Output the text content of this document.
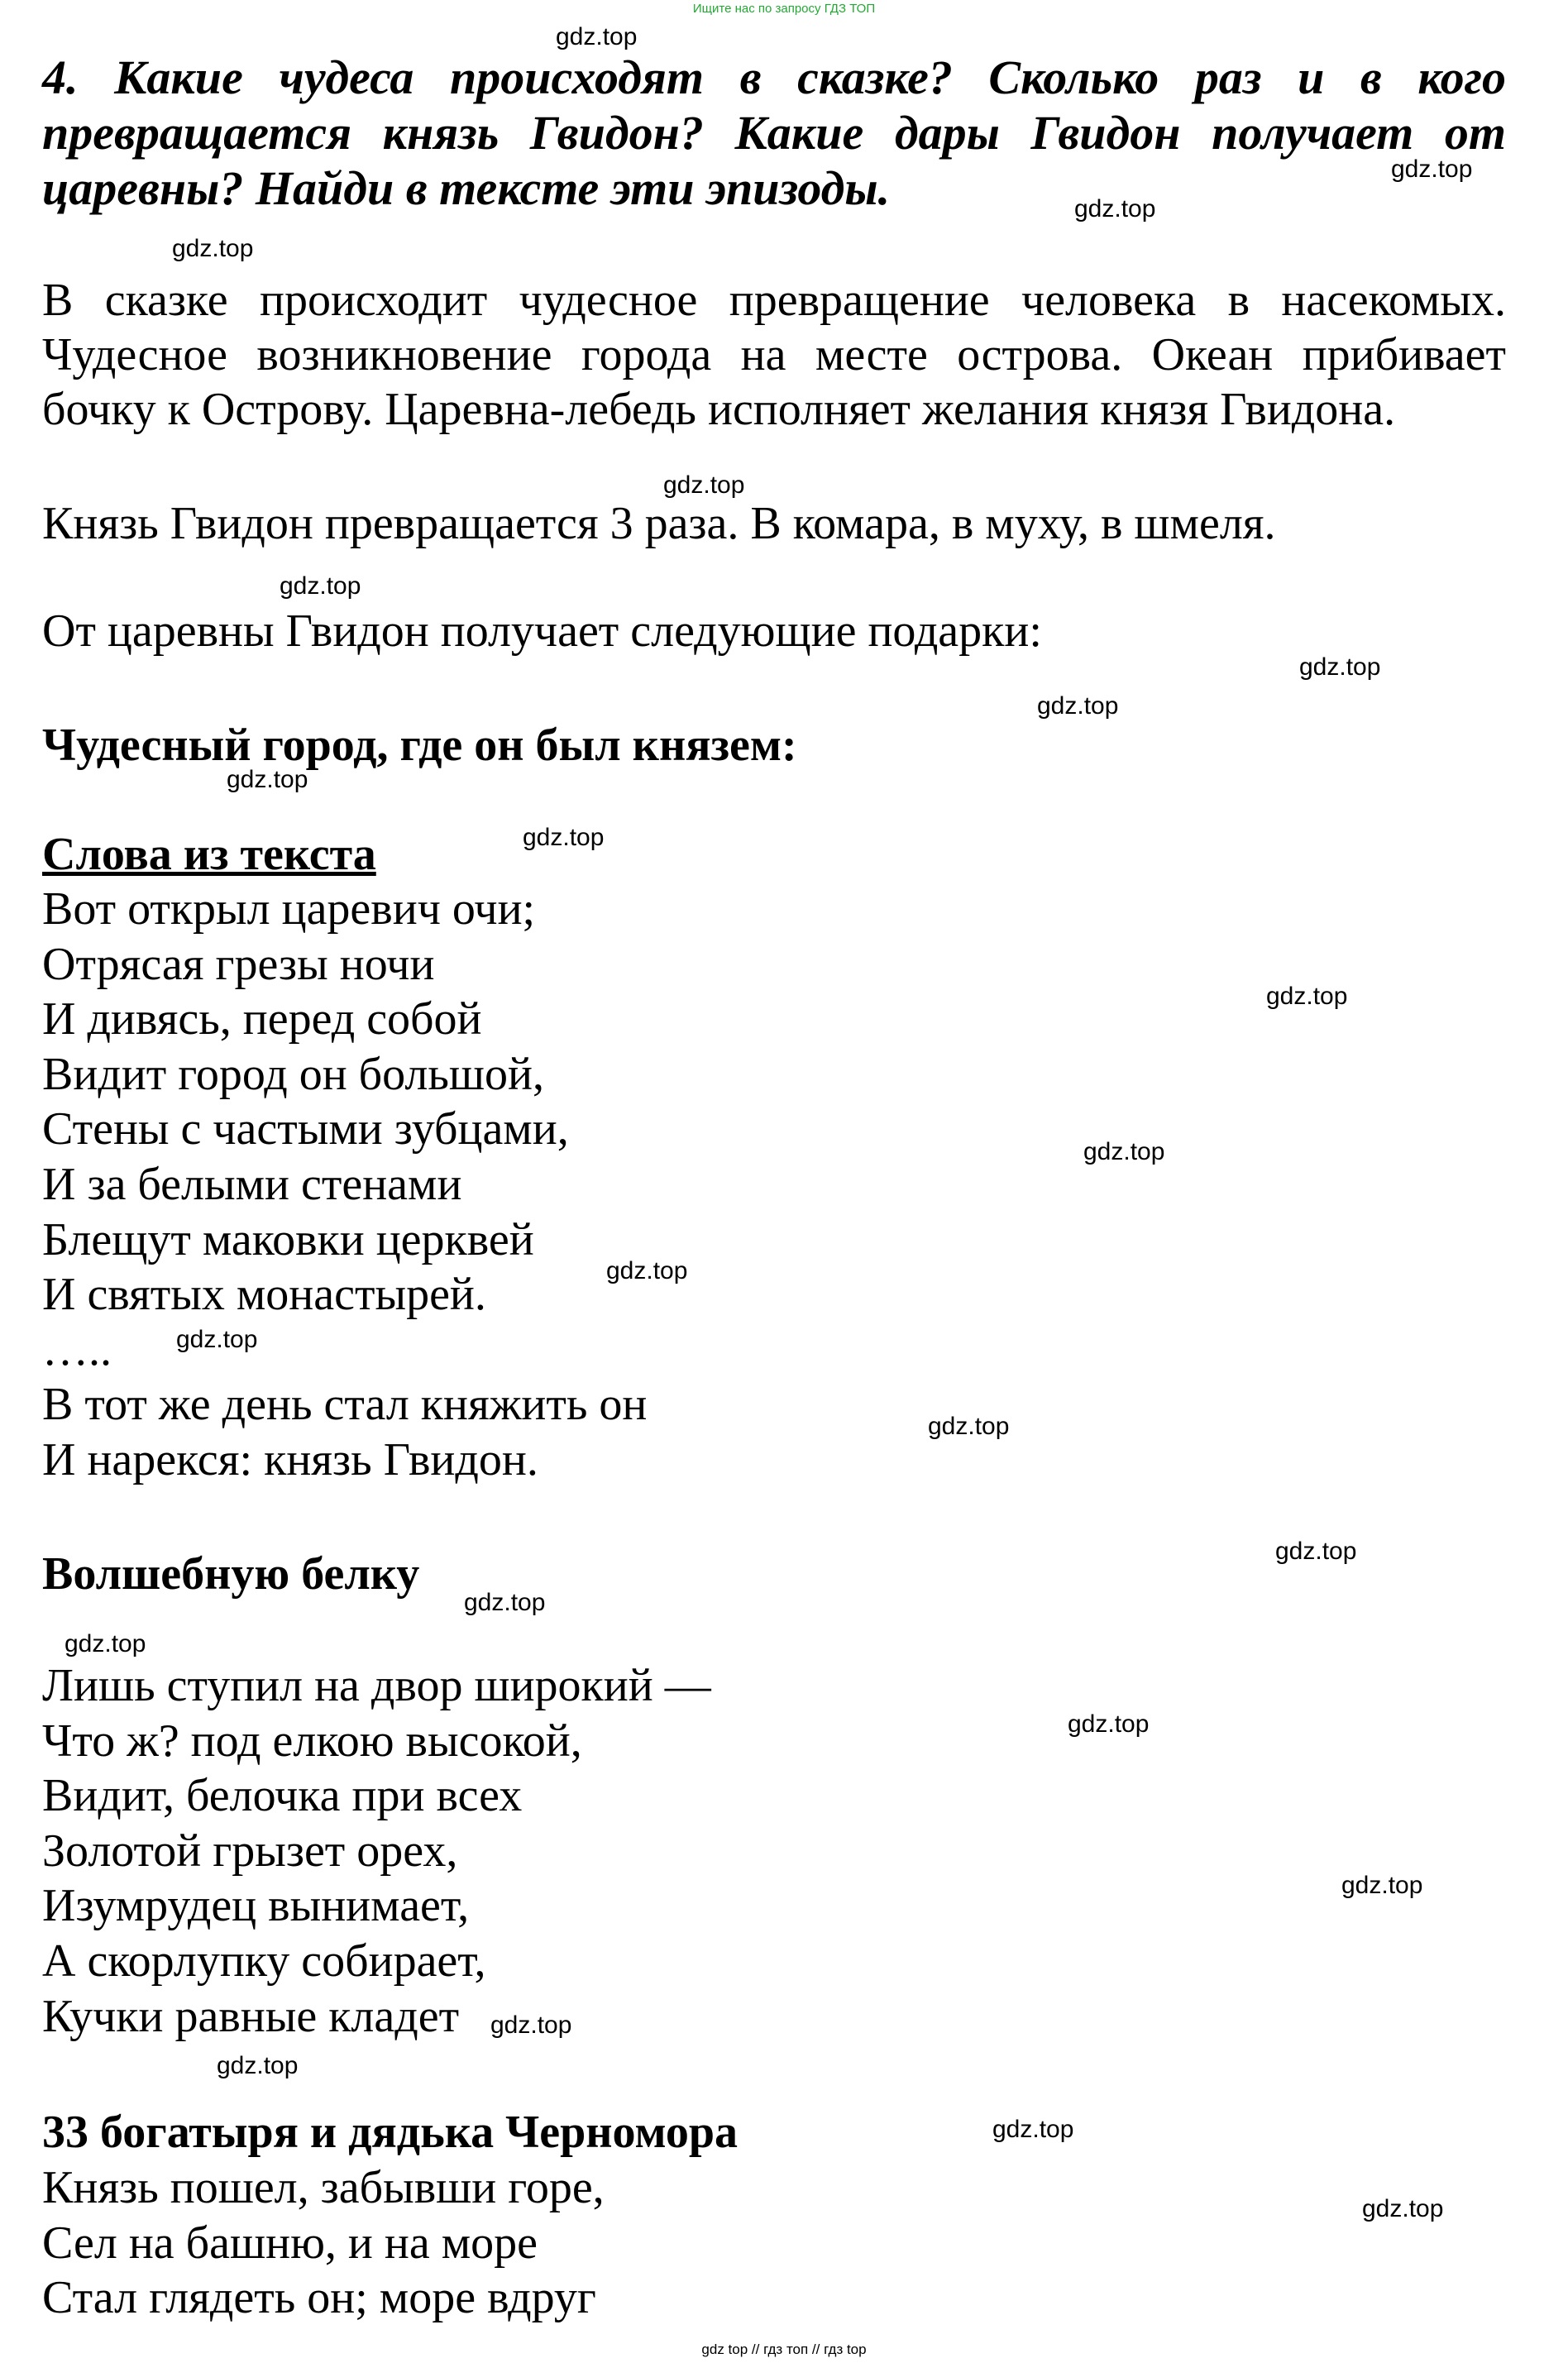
Ищите нас по запросу ГДЗ ТОП
4. Какие чудеса происходят в сказке? Сколько раз и в кого превращается князь Гвидон? Какие дары Гвидон получает от царевны? Найди в тексте эти эпизоды.
В сказке происходит чудесное превращение человека в насекомых. Чудесное возникновение города на месте острова. Океан прибивает бочку к Острову. Царевна-лебедь исполняет желания князя Гвидона.
Князь Гвидон превращается 3 раза. В комара, в муху, в шмеля.
От царевны Гвидон получает следующие подарки:
Чудесный город, где он был князем:
Слова из текста
Вот открыл царевич очи;
Отрясая грезы ночи
И дивясь, перед собой
Видит город он большой,
Стены с частыми зубцами,
И за белыми стенами
Блещут маковки церквей
И святых монастырей.
…..
В тот же день стал княжить он
И нарекся: князь Гвидон.
Волшебную белку
Лишь ступил на двор широкий —
Что ж? под елкою высокой,
Видит, белочка при всех
Золотой грызет орех,
Изумрудец вынимает,
А скорлупку собирает,
Кучки равные кладет
33 богатыря и дядька Черномора
Князь пошел, забывши горе,
Сел на башню, и на море
Стал глядеть он; море вдруг
gdz.top
gdz.top
gdz.top
gdz.top
gdz.top
gdz.top
gdz.top
gdz.top
gdz.top
gdz.top
gdz.top
gdz.top
gdz.top
gdz.top
gdz.top
gdz.top
gdz.top
gdz.top
gdz.top
gdz.top
gdz.top
gdz.top
gdz.top
gdz.top
gdz top // гдз топ // гдз top
